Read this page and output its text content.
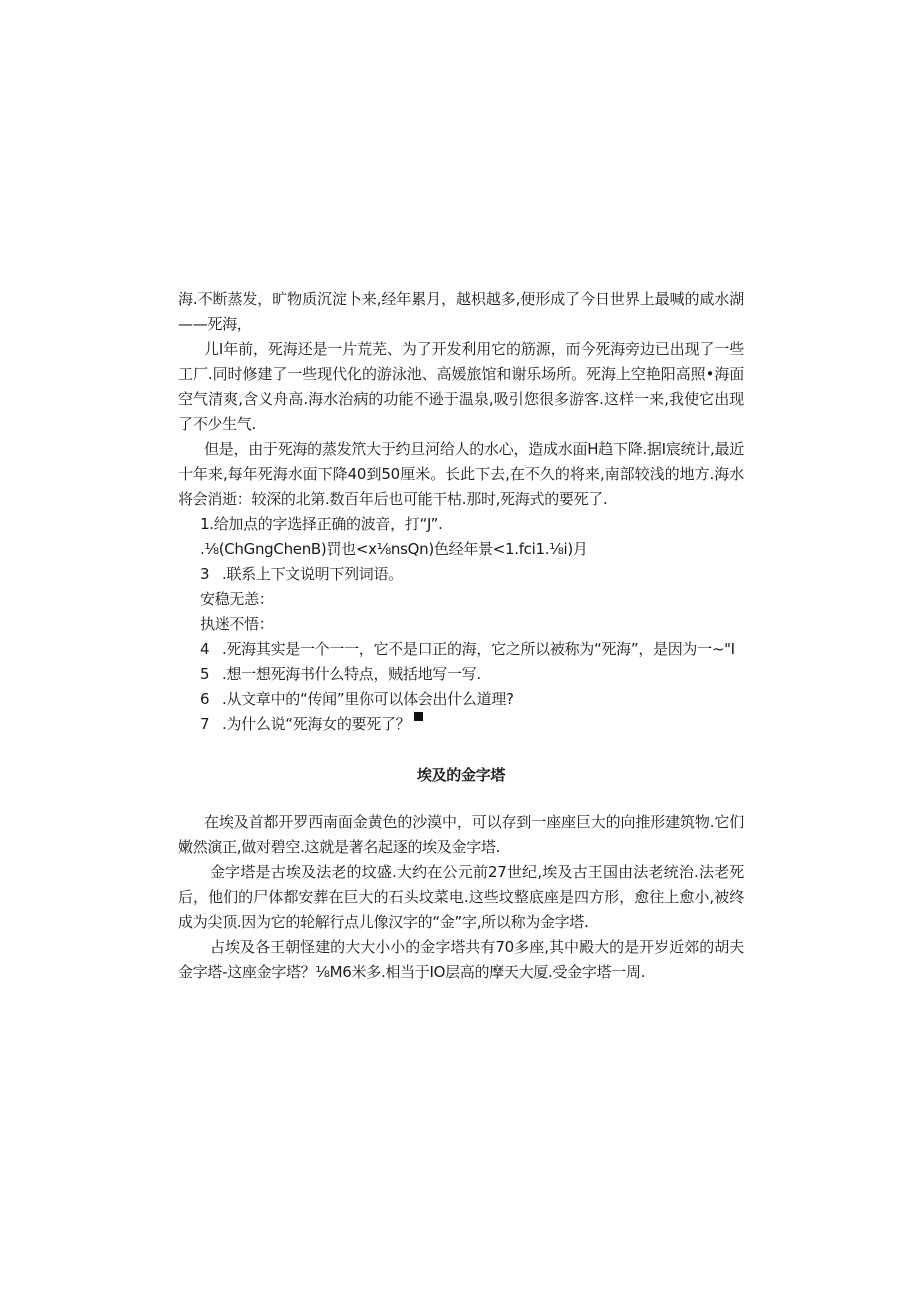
海.不断蒸发，旷物质沉淀卜来,经年累月，越枳越多,便形成了今日世界上最喊的咸水湖——死海，

儿I年前，死海还是一片荒芜、为了开发利用它的筋源，而今死海旁边已出现了一些工厂.同时修建了一些现代化的游泳池、高媛旅馆和谢乐场所。死海上空艳阳高照•海面空气清爽,含义舟高.海水治病的功能不逊于温泉,吸引您很多游客.这样一来,我使它出现了不少生气.

但是，由于死海的蒸发笊大于约旦河给人的水心，造成水面H趋下降.据I宸统计,最近十年来,每年死海水面下降40到50厘米。长此下去,在不久的将来,南部较浅的地方.海水将会消逝：较深的北第.数百年后也可能干枯.那时,死海式的要死了.

1.给加点的字选择正确的波音，打“J”.

.⅛(ChGngChenB)罚也<x⅛nsQn)色经年景<1.fci1.⅛i)月

3 .联系上下文说明下列词语。

安稳无恙：

执迷不悟：

4 .死海其实是一个一一，它不是口正的海，它之所以被称为“死海”，是因为一~"I

5 .想一想死海书什么特点，贼括地写一写.

6 .从文章中的“传闻”里你可以体会出什么道理?

7 .为什么说“死海女的要死了？

埃及的金字塔

在埃及首都开罗西南面金黄色的沙漠中，可以存到一座座巨大的向推形建筑物.它们嫩然演正,做对碧空.这就是著名起逐的埃及金字塔.

金字塔是古埃及法老的坟盛.大约在公元前27世纪,埃及古王国由法老统治.法老死后，他们的尸体都安葬在巨大的石头坟菜电.这些坟整底座是四方形，愈往上愈小,被终成为尖顶.因为它的轮解行点儿像汉字的“金”字,所以称为金字塔.

占埃及各王朝怪建的大大小小的金字塔共有70多座,其中殿大的是开岁近郊的胡夫金字塔-这座金字塔？⅛M6米多.相当于IO层高的摩天大厦.受金字塔一周.
